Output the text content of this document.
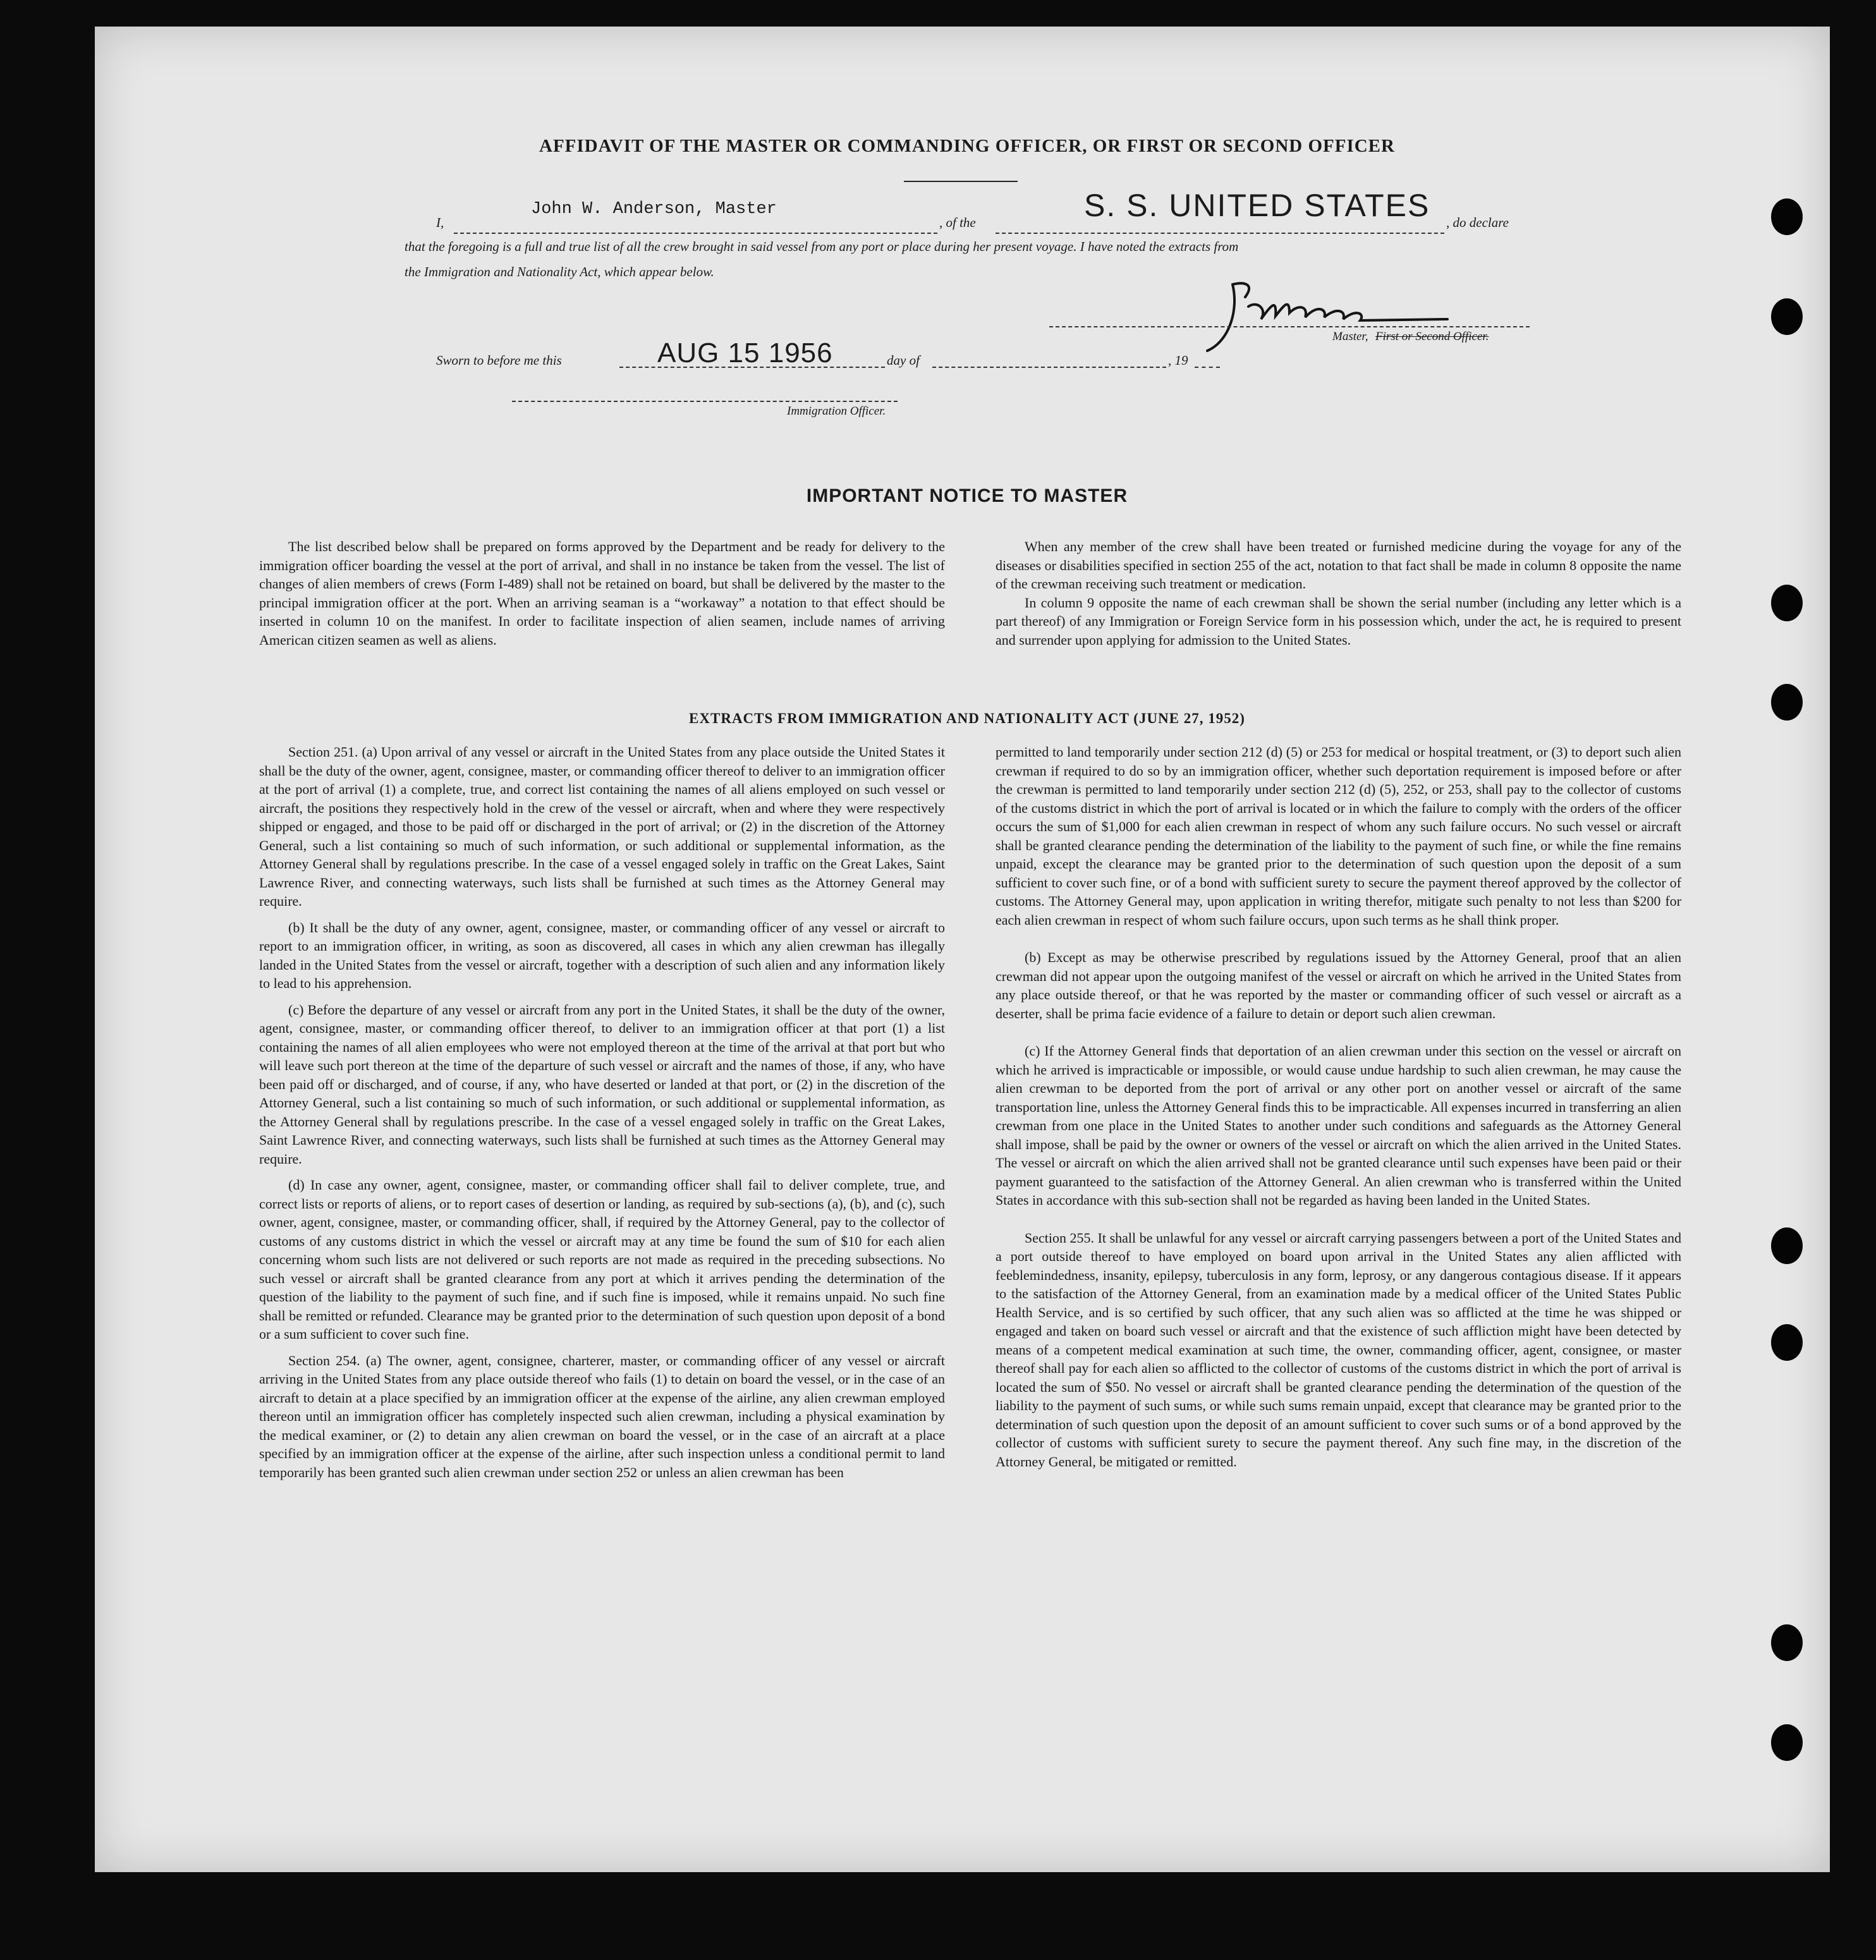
AFFIDAVIT OF THE MASTER OR COMMANDING OFFICER, OR FIRST OR SECOND OFFICER
I,
John W. Anderson, Master
, of the	S. S. UNITED STATES , do declare
that the foregoing is a full and true list of all the crew brought in said vessel from any port or place during her present voyage. I have noted the extracts from
the Immigration and Nationality Act, which appear below.
Master, First or Second Officer.
Sworn to before me this	AUG 15 1956	day of	, 19
Immigration Officer.
IMPORTANT NOTICE TO MASTER

The list described below shall be prepared on forms approved by the Department and be ready for delivery to the immigration officer boarding the vessel at the port of arrival, and shall in no instance be taken from the vessel. The list of changes of alien members of crews (Form I-489) shall not be retained on board, but shall be delivered by the master to the principal immigration officer at the port. When an arriving seaman is a “workaway” a notation to that effect should be inserted in column 10 on the manifest. In order to facilitate inspection of alien seamen, include names of arriving American citizen seamen as well as aliens.

When any member of the crew shall have been treated or furnished medicine during the voyage for any of the diseases or disabilities specified in section 255 of the act, notation to that fact shall be made in column 8 opposite the name of the crewman receiving such treatment or medication.

In column 9 opposite the name of each crewman shall be shown the serial number (including any letter which is a part thereof) of any Immigration or Foreign Service form in his possession which, under the act, he is required to present and surrender upon applying for admission to the United States.

EXTRACTS FROM IMMIGRATION AND NATIONALITY ACT (JUNE 27, 1952)

Section 251. (a) Upon arrival of any vessel or aircraft in the United States from any place outside the United States it shall be the duty of the owner, agent, consignee, master, or commanding officer thereof to deliver to an immigration officer at the port of arrival (1) a complete, true, and correct list containing the names of all aliens employed on such vessel or aircraft, the positions they respectively hold in the crew of the vessel or aircraft, when and where they were respectively shipped or engaged, and those to be paid off or discharged in the port of arrival; or (2) in the discretion of the Attorney General, such a list containing so much of such information, or such additional or supplemental information, as the Attorney General shall by regulations prescribe. In the case of a vessel engaged solely in traffic on the Great Lakes, Saint Lawrence River, and connecting waterways, such lists shall be furnished at such times as the Attorney General may require.

(b) It shall be the duty of any owner, agent, consignee, master, or commanding officer of any vessel or aircraft to report to an immigration officer, in writing, as soon as discovered, all cases in which any alien crewman has illegally landed in the United States from the vessel or aircraft, together with a description of such alien and any information likely to lead to his apprehension.

(c) Before the departure of any vessel or aircraft from any port in the United States, it shall be the duty of the owner, agent, consignee, master, or commanding officer thereof, to deliver to an immigration officer at that port (1) a list containing the names of all alien employees who were not employed thereon at the time of the arrival at that port but who will leave such port thereon at the time of the departure of such vessel or aircraft and the names of those, if any, who have been paid off or discharged, and of course, if any, who have deserted or landed at that port, or (2) in the discretion of the Attorney General, such a list containing so much of such information, or such additional or supplemental information, as the Attorney General shall by regulations prescribe. In the case of a vessel engaged solely in traffic on the Great Lakes, Saint Lawrence River, and connecting waterways, such lists shall be furnished at such times as the Attorney General may require.

(d) In case any owner, agent, consignee, master, or commanding officer shall fail to deliver complete, true, and correct lists or reports of aliens, or to report cases of desertion or landing, as required by sub-sections (a), (b), and (c), such owner, agent, consignee, master, or commanding officer, shall, if required by the Attorney General, pay to the collector of customs of any customs district in which the vessel or aircraft may at any time be found the sum of $10 for each alien concerning whom such lists are not delivered or such reports are not made as required in the preceding subsections. No such vessel or aircraft shall be granted clearance from any port at which it arrives pending the determination of the question of the liability to the payment of such fine, and if such fine is imposed, while it remains unpaid. No such fine shall be remitted or refunded. Clearance may be granted prior to the determination of such question upon deposit of a bond or a sum sufficient to cover such fine.

Section 254. (a) The owner, agent, consignee, charterer, master, or commanding officer of any vessel or aircraft arriving in the United States from any place outside thereof who fails (1) to detain on board the vessel, or in the case of an aircraft to detain at a place specified by an immigration officer at the expense of the airline, any alien crewman employed thereon until an immigration officer has completely inspected such alien crewman, including a physical examination by the medical examiner, or (2) to detain any alien crewman on board the vessel, or in the case of an aircraft at a place specified by an immigration officer at the expense of the airline, after such inspection unless a conditional permit to land temporarily has been granted such alien crewman under section 252 or unless an alien crewman has been

permitted to land temporarily under section 212 (d) (5) or 253 for medical or hospital treatment, or (3) to deport such alien crewman if required to do so by an immigration officer, whether such deportation requirement is imposed before or after the crewman is permitted to land temporarily under section 212 (d) (5), 252, or 253, shall pay to the collector of customs of the customs district in which the port of arrival is located or in which the failure to comply with the orders of the officer occurs the sum of $1,000 for each alien crewman in respect of whom any such failure occurs. No such vessel or aircraft shall be granted clearance pending the determination of the liability to the payment of such fine, or while the fine remains unpaid, except the clearance may be granted prior to the determination of such question upon the deposit of a sum sufficient to cover such fine, or of a bond with sufficient surety to secure the payment thereof approved by the collector of customs. The Attorney General may, upon application in writing therefor, mitigate such penalty to not less than $200 for each alien crewman in respect of whom such failure occurs, upon such terms as he shall think proper.

(b) Except as may be otherwise prescribed by regulations issued by the Attorney General, proof that an alien crewman did not appear upon the outgoing manifest of the vessel or aircraft on which he arrived in the United States from any place outside thereof, or that he was reported by the master or commanding officer of such vessel or aircraft as a deserter, shall be prima facie evidence of a failure to detain or deport such alien crewman.

(c) If the Attorney General finds that deportation of an alien crewman under this section on the vessel or aircraft on which he arrived is impracticable or impossible, or would cause undue hardship to such alien crewman, he may cause the alien crewman to be deported from the port of arrival or any other port on another vessel or aircraft of the same transportation line, unless the Attorney General finds this to be impracticable. All expenses incurred in transferring an alien crewman from one place in the United States to another under such conditions and safeguards as the Attorney General shall impose, shall be paid by the owner or owners of the vessel or aircraft on which the alien arrived in the United States. The vessel or aircraft on which the alien arrived shall not be granted clearance until such expenses have been paid or their payment guaranteed to the satisfaction of the Attorney General. An alien crewman who is transferred within the United States in accordance with this sub-section shall not be regarded as having been landed in the United States.

Section 255. It shall be unlawful for any vessel or aircraft carrying passengers between a port of the United States and a port outside thereof to have employed on board upon arrival in the United States any alien afflicted with feeblemindedness, insanity, epilepsy, tuberculosis in any form, leprosy, or any dangerous contagious disease. If it appears to the satisfaction of the Attorney General, from an examination made by a medical officer of the United States Public Health Service, and is so certified by such officer, that any such alien was so afflicted at the time he was shipped or engaged and taken on board such vessel or aircraft and that the existence of such affliction might have been detected by means of a competent medical examination at such time, the owner, commanding officer, agent, consignee, or master thereof shall pay for each alien so afflicted to the collector of customs of the customs district in which the port of arrival is located the sum of $50. No vessel or aircraft shall be granted clearance pending the determination of the question of the liability to the payment of such sums, or while such sums remain unpaid, except that clearance may be granted prior to the determination of such question upon the deposit of an amount sufficient to cover such sums or of a bond approved by the collector of customs with sufficient surety to secure the payment thereof. Any such fine may, in the discretion of the Attorney General, be mitigated or remitted.
